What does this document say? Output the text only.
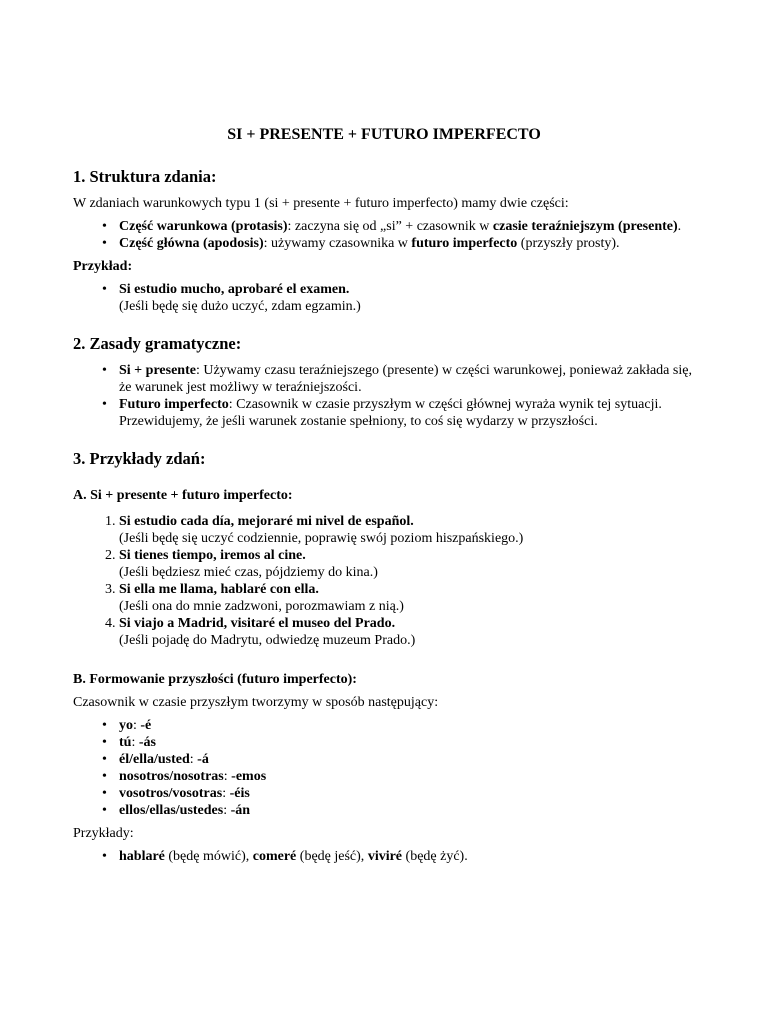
SI + PRESENTE + FUTURO IMPERFECTO
1. Struktura zdania:

W zdaniach warunkowych typu 1 (si + presente + futuro imperfecto) mamy dwie części:

• Część warunkowa (protasis): zaczyna się od „si” + czasownik w czasie teraźniejszym (presente).
• Część główna (apodosis): używamy czasownika w futuro imperfecto (przyszły prosty).

Przykład:

• Si estudio mucho, aprobaré el examen.
(Jeśli będę się dużo uczyć, zdam egzamin.)
2. Zasady gramatyczne:
• Si + presente: Używamy czasu teraźniejszego (presente) w części warunkowej, ponieważ zakłada się, że warunek jest możliwy w teraźniejszości.
• Futuro imperfecto: Czasownik w czasie przyszłym w części głównej wyraża wynik tej sytuacji. Przewidujemy, że jeśli warunek zostanie spełniony, to coś się wydarzy w przyszłości.
3. Przykłady zdań:
A. Si + presente + futuro imperfecto:
1. Si estudio cada día, mejoraré mi nivel de español.
(Jeśli będę się uczyć codziennie, poprawię swój poziom hiszpańskiego.)
2. Si tienes tiempo, iremos al cine.
(Jeśli będziesz mieć czas, pójdziemy do kina.)
3. Si ella me llama, hablaré con ella.
(Jeśli ona do mnie zadzwoni, porozmawiam z nią.)
4. Si viajo a Madrid, visitaré el museo del Prado.
(Jeśli pojadę do Madrytu, odwiedzę muzeum Prado.)
B. Formowanie przyszłości (futuro imperfecto):

Czasownik w czasie przyszłym tworzymy w sposób następujący:

• yo: -é
• tú: -ás
• él/ella/usted: -á
• nosotros/nosotras: -emos
• vosotros/vosotras: -éis
• ellos/ellas/ustedes: -án

Przykłady:

• hablaré (będę mówić), comeré (będę jeść), viviré (będę żyć).
